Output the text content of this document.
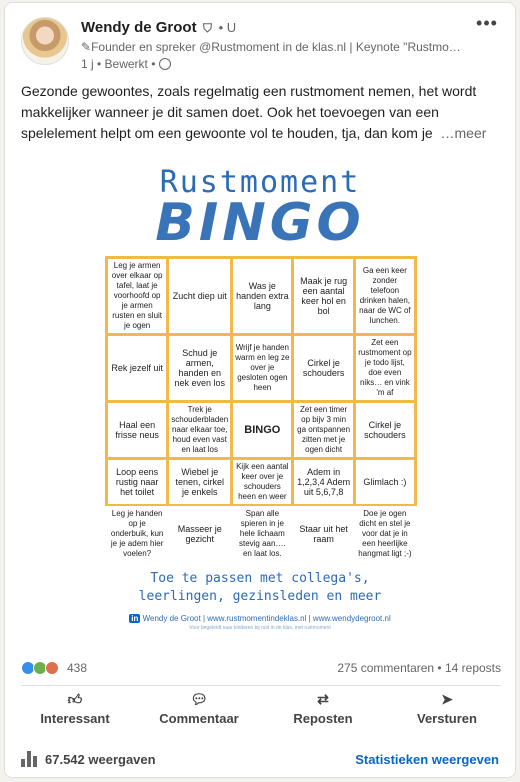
Wendy de Groot ⛉ • U
✎Founder en spreker @Rustmoment in de klas.nl | Keynote "Rustmo…
1 j • Bewerkt •
•••
Gezonde gewoontes, zoals regelmatig een rustmoment nemen, het wordt makkelijker wanneer je dit samen doet. Ook het toevoegen van een spelelement helpt om een gewoonte vol te houden, tja, dan kom je …meer
Rustmoment
BINGO
Leg je armen over elkaar op tafel, laat je voorhoofd op je armen rusten en sluit je ogen
Zucht diep uit
Was je handen extra lang
Maak je rug een aantal keer hol en bol
Ga een keer zonder telefoon drinken halen, naar de WC of lunchen.
Rek jezelf uit
Schud je armen, handen en nek even los
Wrijf je handen warm en leg ze over je gesloten ogen heen
Cirkel je schouders
Zet een rustmoment op je todo lijst, doe even niks… en vink 'm af
Haal een frisse neus
Trek je schouderbladen naar elkaar toe, houd even vast en laat los
BINGO
Zet een timer op bijv 3 min ga ontspannen zitten met je ogen dicht
Cirkel je schouders
Loop eens rustig naar het toilet
Wiebel je tenen, cirkel je enkels
Kijk een aantal keer over je schouders heen en weer
Adem in 1,2,3,4 Adem uit 5,6,7,8
Glimlach :)
Leg je handen op je onderbuik, kun je je adem hier voelen?
Masseer je gezicht
Span alle spieren in je hele lichaam stevig aan…. en laat los.
Staar uit het raam
Doe je ogen dicht en stel je voor dat je in een heerlijke hangmat ligt ;-)
Toe te passen met collega's,
leerlingen, gezinsleden en meer
in Wendy de Groot | www.rustmomentindeklas.nl | www.wendydegroot.nl
Voor begeleidt naar kinderen bij rust in de klas, met rustmoment
438	275 commentaren • 14 reposts
👍︎
Interessant
💬︎
Commentaar
⇄
Reposten
➤
Versturen
67.542 weergaven	Statistieken weergeven
